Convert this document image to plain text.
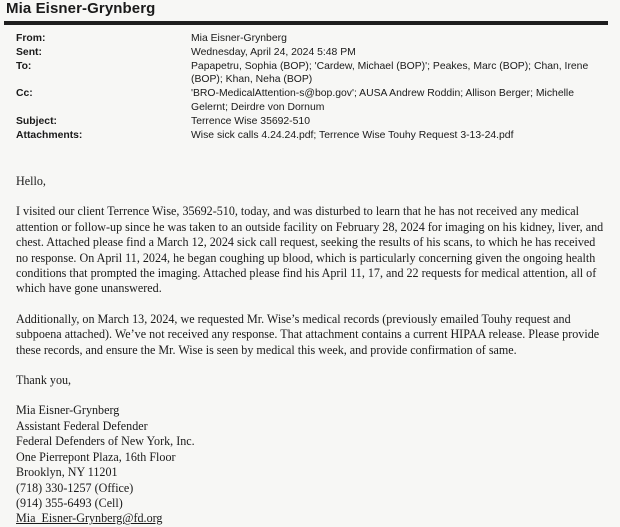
Mia Eisner-Grynberg
From:	Mia Eisner-Grynberg
Sent:	Wednesday, April 24, 2024 5:48 PM
To:	Papapetru, Sophia (BOP); 'Cardew, Michael (BOP)'; Peakes, Marc (BOP); Chan, Irene (BOP); Khan, Neha (BOP)
Cc:	'BRO-MedicalAttention-s@bop.gov'; AUSA Andrew Roddin; Allison Berger; Michelle Gelernt; Deirdre von Dornum
Subject:	Terrence Wise 35692-510
Attachments:	Wise sick calls 4.24.24.pdf; Terrence Wise Touhy Request 3-13-24.pdf

Hello,

I visited our client Terrence Wise, 35692-510, today, and was disturbed to learn that he has not received any medical attention or follow-up since he was taken to an outside facility on February 28, 2024 for imaging on his kidney, liver, and chest. Attached please find a March 12, 2024 sick call request, seeking the results of his scans, to which he has received no response. On April 11, 2024, he began coughing up blood, which is particularly concerning given the ongoing health conditions that prompted the imaging. Attached please find his April 11, 17, and 22 requests for medical attention, all of which have gone unanswered.

Additionally, on March 13, 2024, we requested Mr. Wise’s medical records (previously emailed Touhy request and subpoena attached). We’ve not received any response. That attachment contains a current HIPAA release. Please provide these records, and ensure the Mr. Wise is seen by medical this week, and provide confirmation of same.

Thank you,

Mia Eisner-Grynberg
Assistant Federal Defender
Federal Defenders of New York, Inc.
One Pierrepont Plaza, 16th Floor
Brooklyn, NY 11201
(718) 330-1257 (Office)
(914) 355-6493 (Cell)
Mia_Eisner-Grynberg@fd.org
